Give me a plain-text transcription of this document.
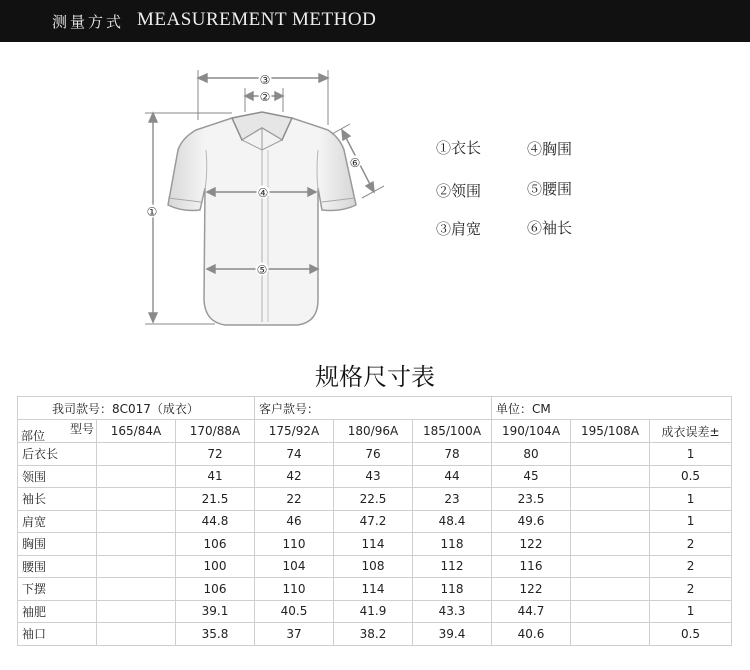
测量方式 MEASUREMENT METHOD
③
②
①
④
⑤
⑥
①衣长	④胸围
②领围	⑤腰围
③肩宽	⑥袖长
规格尺寸表
我司款号：8C017（成衣）			客户款号：			单位：CM		

型号
部位	165/84A	170/88A	175/92A	180/96A	185/100A	190/104A	195/108A	成衣误差±
后衣长		72	74	76	78	80		1
领围		41	42	43	44	45		0.5
袖长		21.5	22	22.5	23	23.5		1
肩宽		44.8	46	47.2	48.4	49.6		1
胸围		106	110	114	118	122		2
腰围		100	104	108	112	116		2
下摆		106	110	114	118	122		2
袖肥		39.1	40.5	41.9	43.3	44.7		1
袖口		35.8	37	38.2	39.4	40.6		0.5
